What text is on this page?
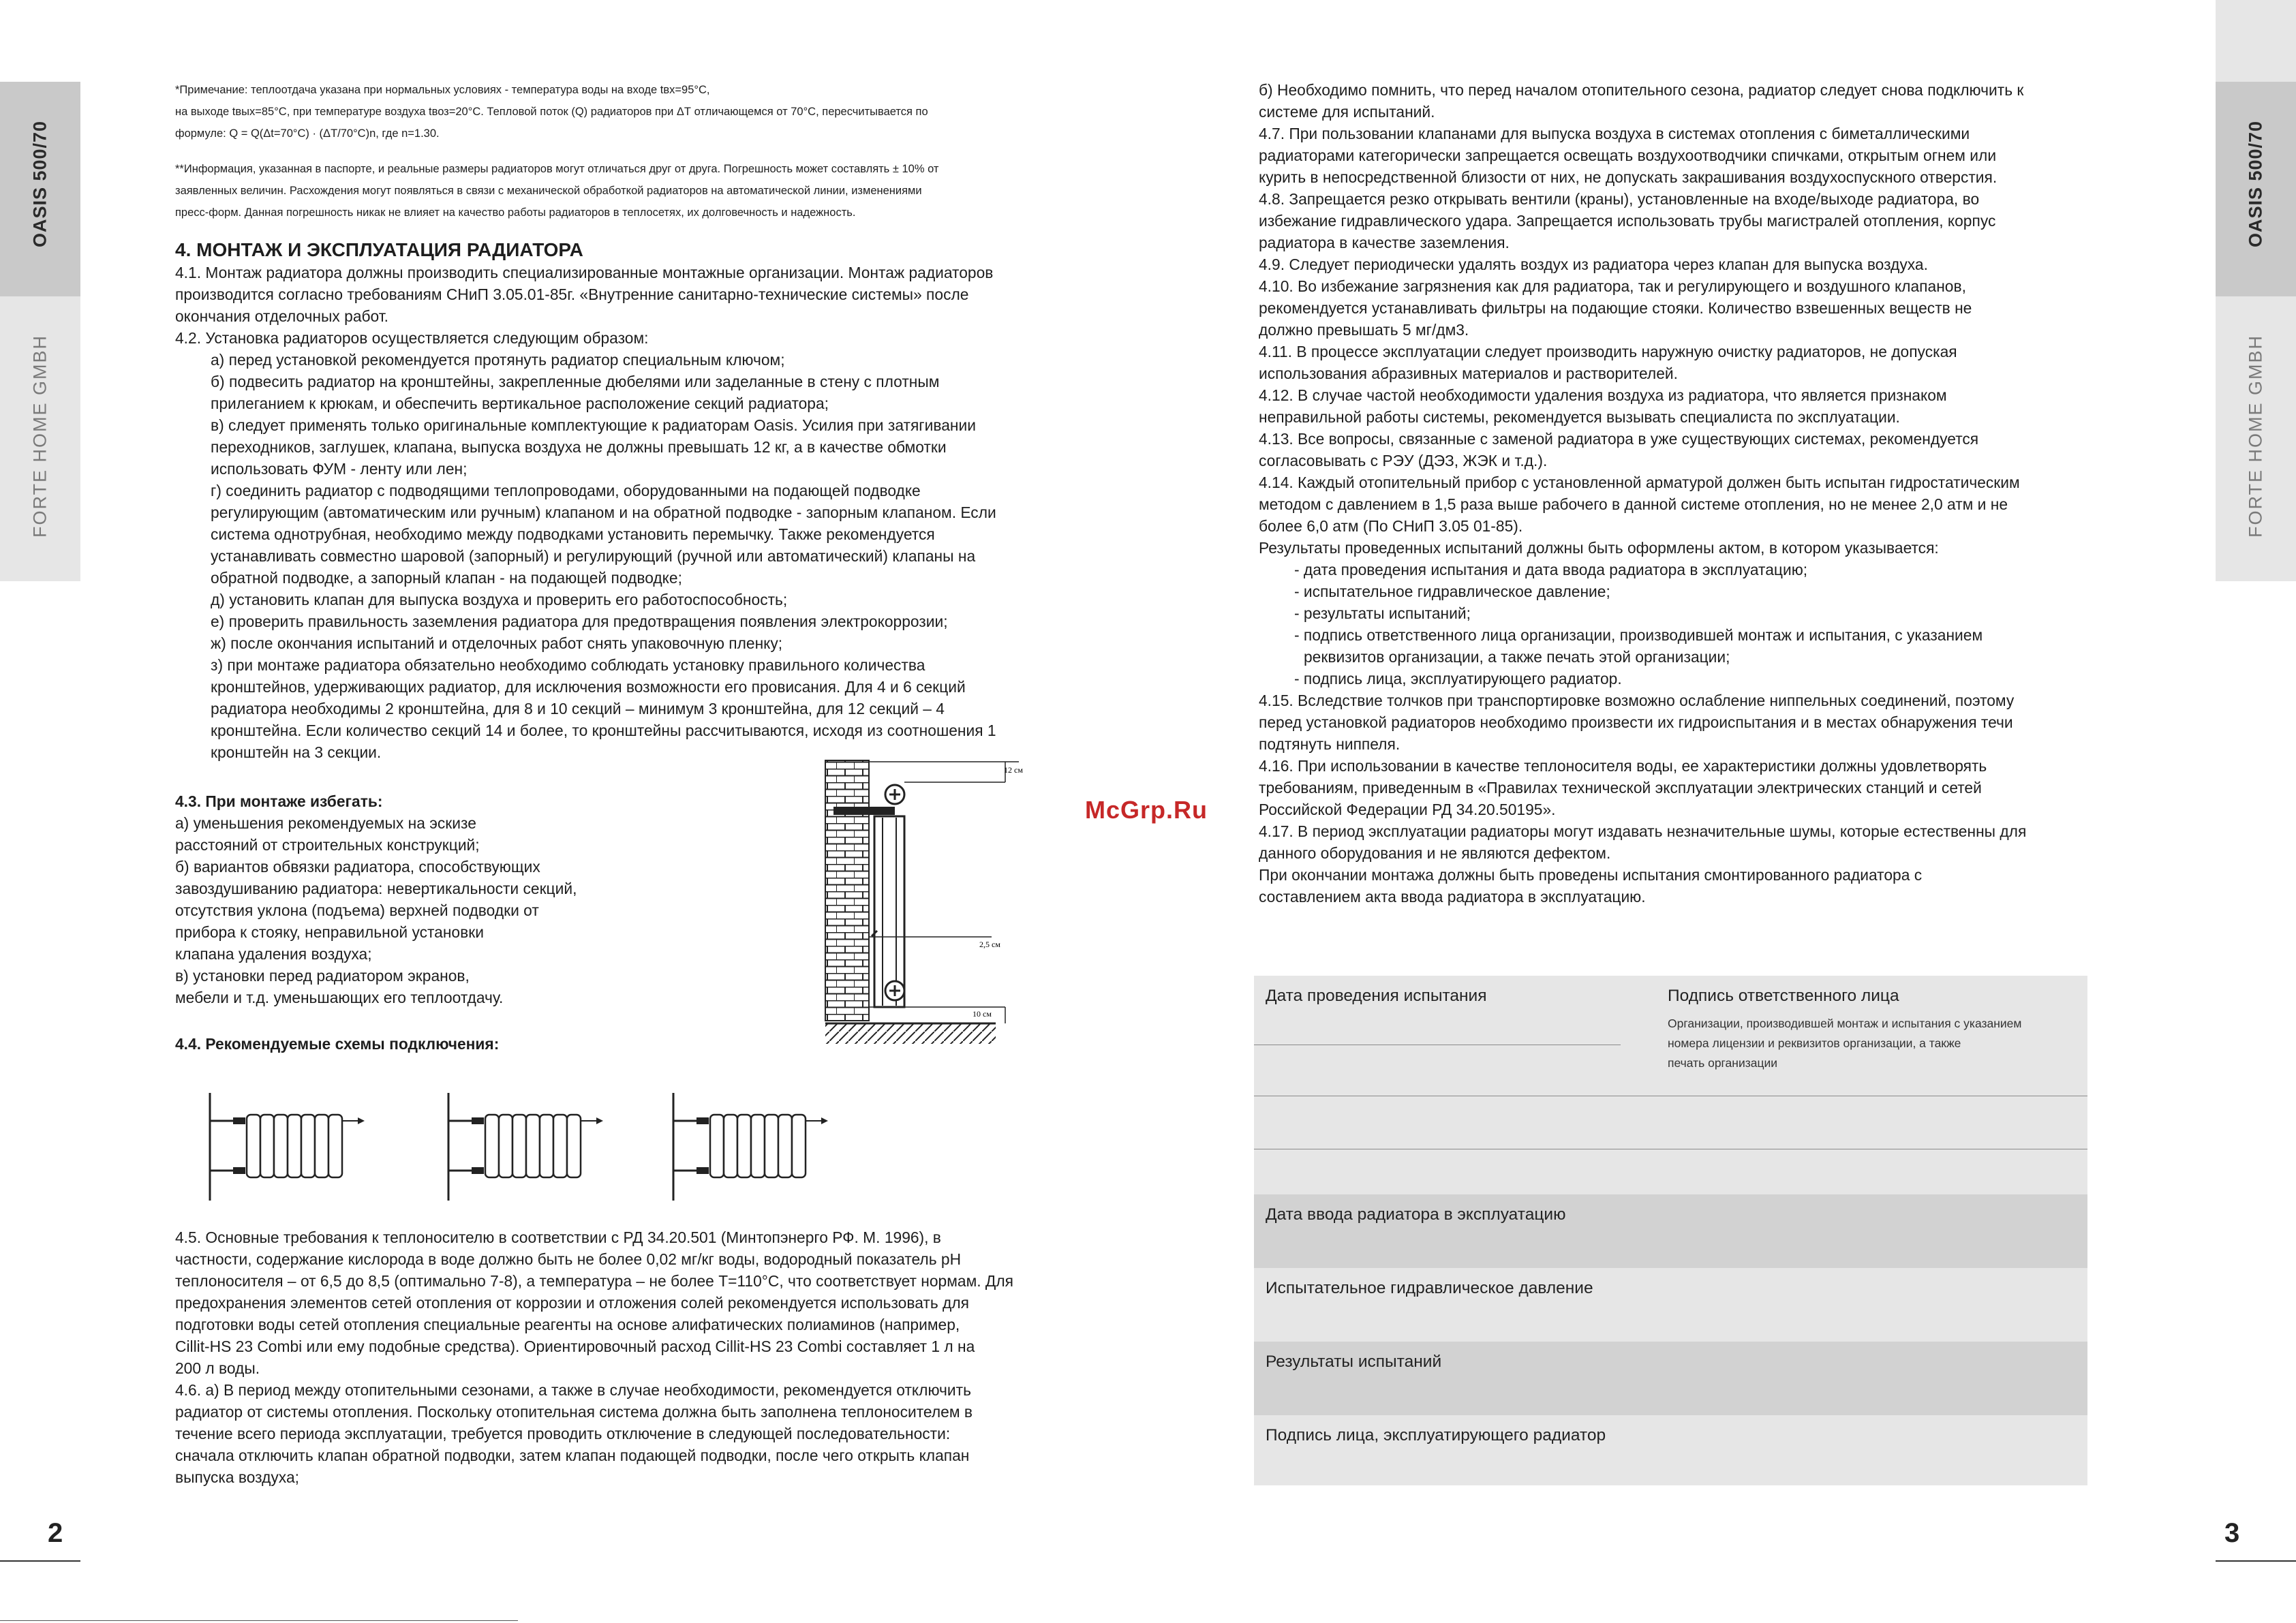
OASIS 500/70
FORTE HOME GMBH
OASIS 500/70
FORTE HOME GMBH
2	3

*Примечание: теплоотдача указана при нормальных условиях - температура воды на входе tвх=95°С,

на выходе tвых=85°С, при температуре воздуха tвоз=20°С. Тепловой поток (Q) радиаторов при ΔТ отличающемся от 70°С, пересчитывается по

формуле: Q = Q(Δt=70°С) · (ΔT/70°С)n, где n=1.30.

**Информация, указанная в паспорте, и реальные размеры радиаторов могут отличаться друг от друга. Погрешность может составлять ± 10% от

заявленных величин. Расхождения могут появляться в связи с механической обработкой радиаторов на автоматической линии, изменениями

пресс-форм. Данная погрешность никак не влияет на качество работы радиаторов в теплосетях, их долговечность и надежность.

4. МОНТАЖ И ЭКСПЛУАТАЦИЯ РАДИАТОРА

4.1. Монтаж радиатора должны производить специализированные монтажные организации. Монтаж радиаторов

производится согласно требованиям СНиП 3.05.01-85г. «Внутренние санитарно-технические системы» после

окончания отделочных работ.

4.2. Установка радиаторов осуществляется следующим образом:

а) перед установкой рекомендуется протянуть радиатор специальным ключом;

б) подвесить радиатор на кронштейны, закрепленные дюбелями или заделанные в стену с плотным

прилеганием к крюкам, и обеспечить вертикальное расположение секций радиатора;

в) следует применять только оригинальные комплектующие к радиаторам Oasis. Усилия при затягивании

переходников, заглушек, клапана, выпуска воздуха не должны превышать 12 кг, а в качестве обмотки

использовать ФУМ - ленту или лен;

г) соединить радиатор с подводящими теплопроводами, оборудованными на подающей подводке

регулирующим (автоматическим или ручным) клапаном и на обратной подводке - запорным клапаном. Если

система однотрубная, необходимо между подводками установить перемычку. Также рекомендуется

устанавливать совместно шаровой (запорный) и регулирующий (ручной или автоматический) клапаны на

обратной подводке, а запорный клапан - на подающей подводке;

д) установить клапан для выпуска воздуха и проверить его работоспособность;

е) проверить правильность заземления радиатора для предотвращения появления электрокоррозии;

ж) после окончания испытаний и отделочных работ снять упаковочную пленку;

з) при монтаже радиатора обязательно необходимо соблюдать установку правильного количества

кронштейнов, удерживающих радиатор, для исключения возможности его провисания. Для 4 и 6 секций

радиатора необходимы 2 кронштейна, для 8 и 10 секций – минимум 3 кронштейна, для 12 секций – 4

кронштейна. Если количество секций 14 и более, то кронштейны рассчитываются, исходя из соотношения 1

кронштейн на 3 секции.

4.3. При монтаже избегать:

а) уменьшения рекомендуемых на эскизе

расстояний от строительных конструкций;

б) вариантов обвязки радиатора, способствующих

завоздушиванию радиатора: невертикальности секций,

отсутствия уклона (подъема) верхней подводки от

прибора к стояку, неправильной установки

клапана удаления воздуха;

в) установки перед радиатором экранов,

мебели и т.д. уменьшающих его теплоотдачу.

12 см
2,5 см
10 см

4.4. Рекомендуемые схемы подключения:

4.5. Основные требования к теплоносителю в соответствии с РД 34.20.501 (Минтопэнерго РФ. М. 1996), в

частности, содержание кислорода в воде должно быть не более 0,02 мг/кг воды, водородный показатель pH

теплоносителя – от 6,5 до 8,5 (оптимально 7-8), а температура – не более Т=110°С, что соответствует нормам. Для

предохранения элементов сетей отопления от коррозии и отложения солей рекомендуется использовать для

подготовки воды сетей отопления специальные реагенты на основе алифатических полиаминов (например,

Cillit-HS 23 Combi или ему подобные средства). Ориентировочный расход Cillit-HS 23 Combi составляет 1 л на

200 л воды.

4.6. а) В период между отопительными сезонами, а также в случае необходимости, рекомендуется отключить

радиатор от системы отопления. Поскольку отопительная система должна быть заполнена теплоносителем в

течение всего периода эксплуатации, требуется проводить отключение в следующей последовательности:

сначала отключить клапан обратной подводки, затем клапан подающей подводки, после чего открыть клапан

выпуска воздуха;

McGrp.Ru

б) Необходимо помнить, что перед началом отопительного сезона, радиатор следует снова подключить к

системе для испытаний.

4.7. При пользовании клапанами для выпуска воздуха в системах отопления с биметаллическими

радиаторами категорически запрещается освещать воздухоотводчики спичками, открытым огнем или

курить в непосредственной близости от них, не допускать закрашивания воздухоспускного отверстия.

4.8. Запрещается резко открывать вентили (краны), установленные на входе/выходе радиатора, во

избежание гидравлического удара. Запрещается использовать трубы магистралей отопления, корпус

радиатора в качестве заземления.

4.9. Следует периодически удалять воздух из радиатора через клапан для выпуска воздуха.

4.10. Во избежание загрязнения как для радиатора, так и регулирующего и воздушного клапанов,

рекомендуется устанавливать фильтры на подающие стояки. Количество взвешенных веществ не

должно превышать 5 мг/дм3.

4.11. В процессе эксплуатации следует производить наружную очистку радиаторов, не допуская

использования абразивных материалов и растворителей.

4.12. В случае частой необходимости удаления воздуха из радиатора, что является признаком

неправильной работы системы, рекомендуется вызывать специалиста по эксплуатации.

4.13. Все вопросы, связанные с заменой радиатора в уже существующих системах, рекомендуется

согласовывать с РЭУ (ДЭЗ, ЖЭК и т.д.).

4.14. Каждый отопительный прибор с установленной арматурой должен быть испытан гидростатическим

методом с давлением в 1,5 раза выше рабочего в данной системе отопления, но не менее 2,0 атм и не

более 6,0 атм (По СНиП 3.05 01-85).

Результаты проведенных испытаний должны быть оформлены актом, в котором указывается:

- дата проведения испытания и дата ввода радиатора в эксплуатацию;

- испытательное гидравлическое давление;

- результаты испытаний;

- подпись ответственного лица организации, производившей монтаж и испытания, с указанием

реквизитов организации, а также печать этой организации;

- подпись лица, эксплуатирующего радиатор.

4.15. Вследствие толчков при транспортировке возможно ослабление ниппельных соединений, поэтому

перед установкой радиаторов необходимо произвести их гидроиспытания и в местах обнаружения течи

подтянуть ниппеля.

4.16. При использовании в качестве теплоносителя воды, ее характеристики должны удовлетворять

требованиям, приведенным в «Правилах технической эксплуатации электрических станций и сетей

Российской Федерации РД 34.20.50195».

4.17. В период эксплуатации радиаторы могут издавать незначительные шумы, которые естественны для

данного оборудования и не являются дефектом.

При окончании монтажа должны быть проведены испытания смонтированного радиатора с

составлением акта ввода радиатора в эксплуатацию.

Дата проведения испытания	Подпись ответственного лица
Организации, производившей монтаж и испытания с указанием
номера лицензии и реквизитов организации, а также
печать организации
Дата ввода радиатора в эксплуатацию
Испытательное гидравлическое давление
Результаты испытаний
Подпись лица, эксплуатирующего радиатор
